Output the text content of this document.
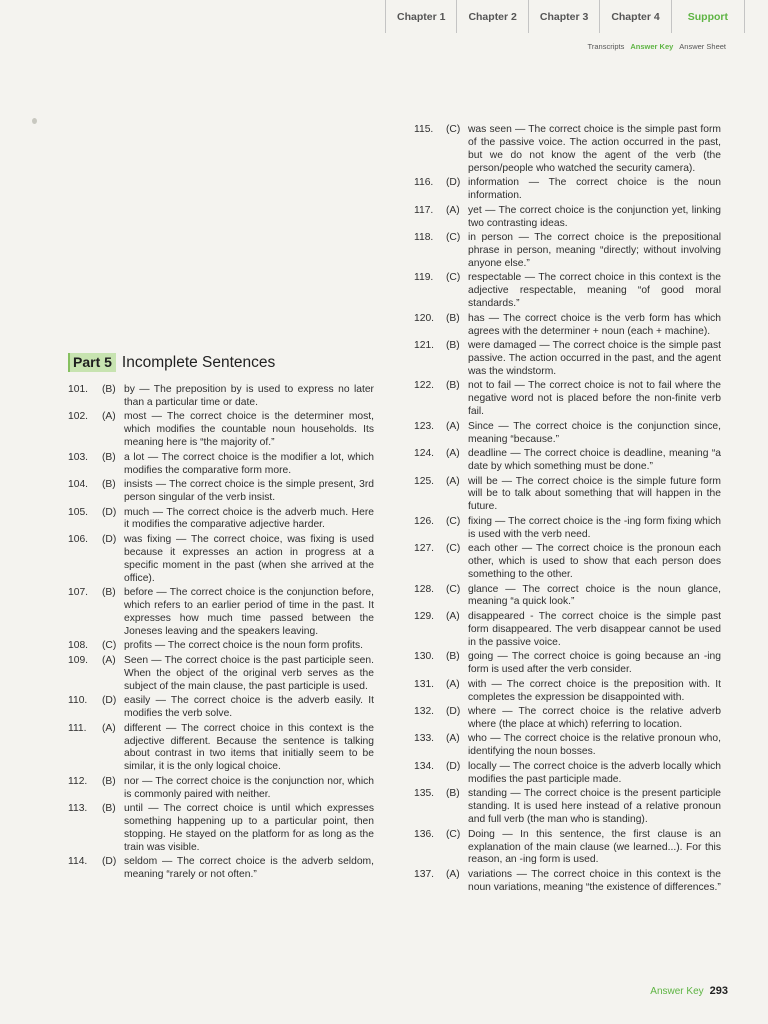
Chapter 1	Chapter 2	Chapter 3	Chapter 4	Support
Transcripts Answer Key Answer Sheet
Part 5 Incomplete Sentences
101.	(B) by — The preposition by is used to express no later than a particular time or date.
102.	(A) most — The correct choice is the determiner most, which modifies the countable noun households. Its meaning here is “the majority of.”
103.	(B) a lot — The correct choice is the modifier a lot, which modifies the comparative form more.
104.	(B) insists — The correct choice is the simple present, 3rd person singular of the verb insist.
105.	(D) much — The correct choice is the adverb much. Here it modifies the comparative adjective harder.
106.	(D) was fixing — The correct choice, was fixing is used because it expresses an action in progress at a specific moment in the past (when she arrived at the office).
107.	(B) before — The correct choice is the conjunction before, which refers to an earlier period of time in the past. It expresses how much time passed between the Joneses leaving and the speakers leaving.
108.	(C) profits — The correct choice is the noun form profits.
109.	(A) Seen — The correct choice is the past participle seen. When the object of the original verb serves as the subject of the main clause, the past participle is used.
110.	(D) easily — The correct choice is the adverb easily. It modifies the verb solve.
111.	(A) different — The correct choice in this context is the adjective different. Because the sentence is talking about contrast in two items that initially seem to be similar, it is the only logical choice.
112.	(B) nor — The correct choice is the conjunction nor, which is commonly paired with neither.
113.	(B) until — The correct choice is until which expresses something happening up to a particular point, then stopping. He stayed on the platform for as long as the train was visible.
114.	(D) seldom — The correct choice is the adverb seldom, meaning “rarely or not often.”
115.	(C) was seen — The correct choice is the simple past form of the passive voice. The action occurred in the past, but we do not know the agent of the verb (the person/people who watched the security camera).
116.	(D) information — The correct choice is the noun information.
117.	(A) yet — The correct choice is the conjunction yet, linking two contrasting ideas.
118.	(C) in person — The correct choice is the prepositional phrase in person, meaning “directly; without involving anyone else.”
119.	(C) respectable — The correct choice in this context is the adjective respectable, meaning “of good moral standards.”
120.	(B) has — The correct choice is the verb form has which agrees with the determiner + noun (each + machine).
121.	(B) were damaged — The correct choice is the simple past passive. The action occurred in the past, and the agent was the windstorm.
122.	(B) not to fail — The correct choice is not to fail where the negative word not is placed before the non-finite verb fail.
123.	(A) Since — The correct choice is the conjunction since, meaning “because.”
124.	(A) deadline — The correct choice is deadline, meaning “a date by which something must be done.”
125.	(A) will be — The correct choice is the simple future form will be to talk about something that will happen in the future.
126.	(C) fixing — The correct choice is the -ing form fixing which is used with the verb need.
127.	(C) each other — The correct choice is the pronoun each other, which is used to show that each person does something to the other.
128.	(C) glance — The correct choice is the noun glance, meaning “a quick look.”
129.	(A) disappeared - The correct choice is the simple past form disappeared. The verb disappear cannot be used in the passive voice.
130.	(B) going — The correct choice is going because an -ing form is used after the verb consider.
131.	(A) with — The correct choice is the preposition with. It completes the expression be disappointed with.
132.	(D) where — The correct choice is the relative adverb where (the place at which) referring to location.
133.	(A) who — The correct choice is the relative pronoun who, identifying the noun bosses.
134.	(D) locally — The correct choice is the adverb locally which modifies the past participle made.
135.	(B) standing — The correct choice is the present participle standing. It is used here instead of a relative pronoun and full verb (the man who is standing).
136.	(C) Doing — In this sentence, the first clause is an explanation of the main clause (we learned...). For this reason, an -ing form is used.
137.	(A) variations — The correct choice in this context is the noun variations, meaning “the existence of differences.”
Answer Key 293
